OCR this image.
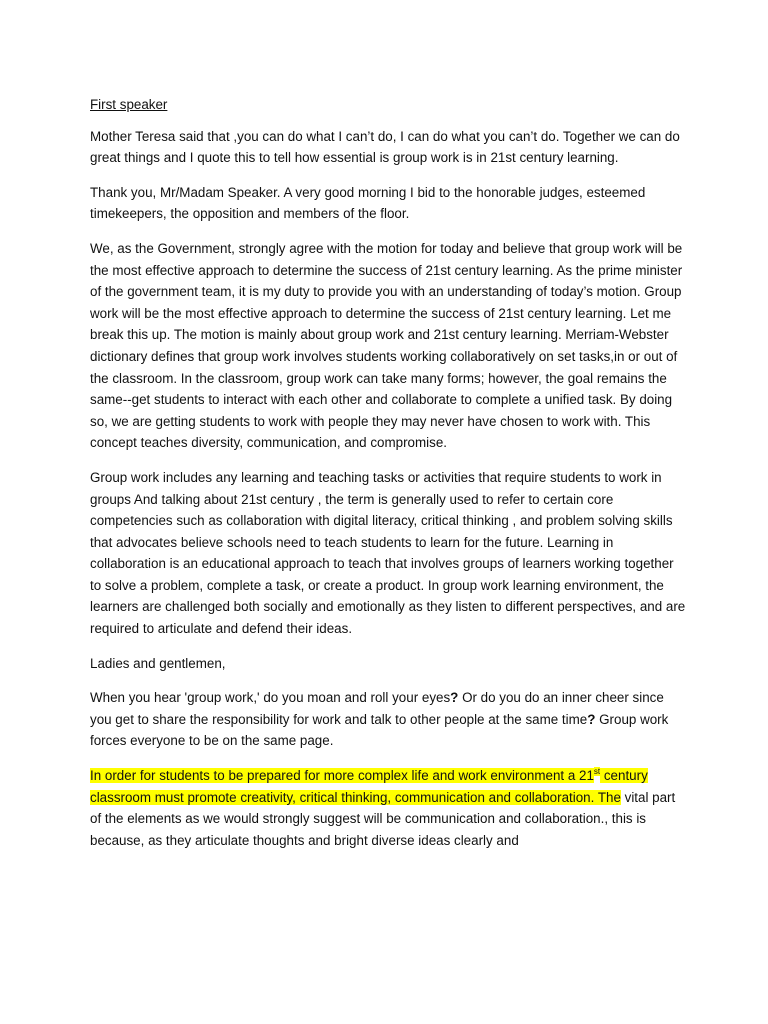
First speaker

Mother Teresa said that ,you can do what I can’t do, I can do what you can’t do. Together we can do great things and I quote this to tell how essential is group work is in 21st century learning.

Thank you, Mr/Madam Speaker. A very good morning I bid to the honorable judges, esteemed timekeepers, the opposition and members of the floor.

We, as the Government, strongly agree with the motion for today and believe that group work will be the most effective approach to determine the success of 21st century learning. As the prime minister of the government team, it is my duty to provide you with an understanding of today’s motion. Group work will be the most effective approach to determine the success of 21st century learning. Let me break this up. The motion is mainly about group work and 21st century learning. Merriam-Webster dictionary defines that group work involves students working collaboratively on set tasks,in or out of the classroom. In the classroom, group work can take many forms; however, the goal remains the same--get students to interact with each other and collaborate to complete a unified task. By doing so, we are getting students to work with people they may never have chosen to work with. This concept teaches diversity, communication, and compromise.

Group work includes any learning and teaching tasks or activities that require students to work in groups And talking about 21st century , the term is generally used to refer to certain core competencies such as collaboration with digital literacy, critical thinking , and problem solving skills that advocates believe schools need to teach students to learn for the future. Learning in collaboration is an educational approach to teach that involves groups of learners working together to solve a problem, complete a task, or create a product. In group work learning environment, the learners are challenged both socially and emotionally as they listen to different perspectives, and are required to articulate and defend their ideas.

Ladies and gentlemen,

When you hear 'group work,' do you moan and roll your eyes? Or do you do an inner cheer since you get to share the responsibility for work and talk to other people at the same time? Group work forces everyone to be on the same page.

In order for students to be prepared for more complex life and work environment a 21st century classroom must promote creativity, critical thinking, communication and collaboration. The vital part of the elements as we would strongly suggest will be communication and collaboration., this is because, as they articulate thoughts and bright diverse ideas clearly and
